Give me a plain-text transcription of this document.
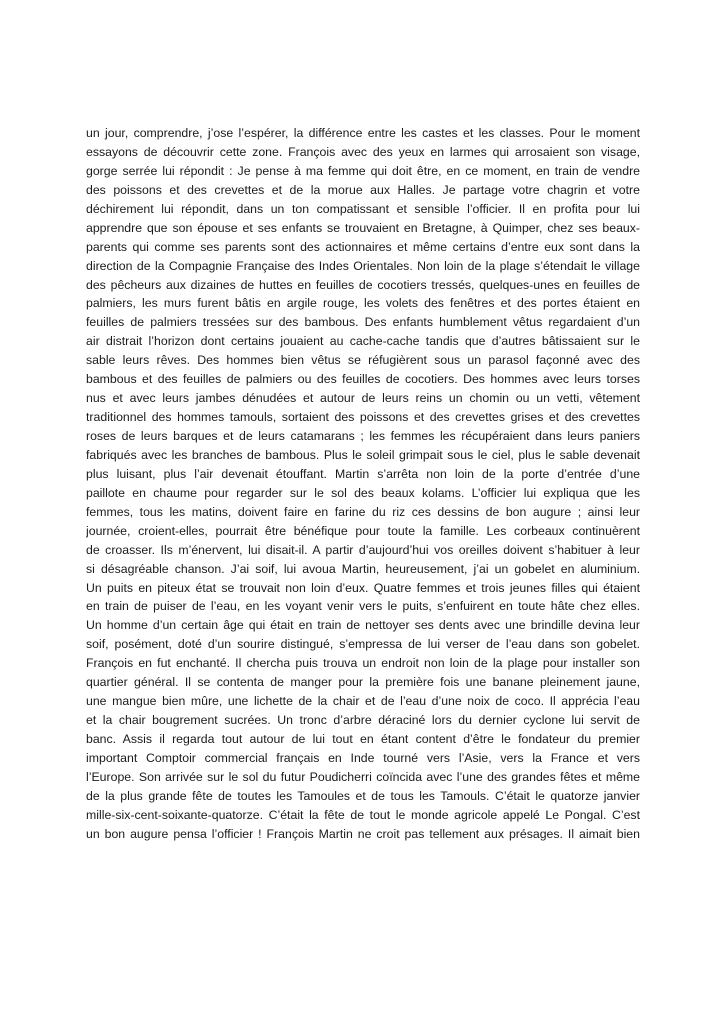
un jour, comprendre, j’ose l’espérer, la différence entre les castes et les classes. Pour le moment
essayons de découvrir cette zone. François avec des yeux en larmes qui arrosaient son visage,
gorge serrée lui répondit : Je pense à ma femme qui doit être, en ce moment, en train de vendre
des poissons et des crevettes et de la morue aux Halles. Je partage votre chagrin et votre
déchirement lui répondit, dans un ton compatissant et sensible l’officier. Il en profita pour lui
apprendre que son épouse et ses enfants se trouvaient en Bretagne, à Quimper, chez ses beaux-
parents qui comme ses parents sont des actionnaires et même certains d’entre eux sont dans la
direction de la Compagnie Française des Indes Orientales. Non loin de la plage s’étendait le village
des pêcheurs aux dizaines de huttes en feuilles de cocotiers tressés, quelques-unes en feuilles de
palmiers, les murs furent bâtis en argile rouge, les volets des fenêtres et des portes étaient en
feuilles de palmiers tressées sur des bambous. Des enfants humblement vêtus regardaient d’un
air distrait l’horizon dont certains jouaient au cache-cache tandis que d’autres bâtissaient sur le
sable leurs rêves. Des hommes bien vêtus se réfugièrent sous un parasol façonné avec des
bambous et des feuilles de palmiers ou des feuilles de cocotiers. Des hommes avec leurs torses
nus et avec leurs jambes dénudées et autour de leurs reins un chomin ou un vetti, vêtement
traditionnel des hommes tamouls, sortaient des poissons et des crevettes grises et des crevettes
roses de leurs barques et de leurs catamarans ; les femmes les récupéraient dans leurs paniers
fabriqués avec les branches de bambous. Plus le soleil grimpait sous le ciel, plus le sable devenait
plus luisant, plus l’air devenait étouffant. Martin s’arrêta non loin de la porte d’entrée d’une
paillote en chaume pour regarder sur le sol des beaux kolams. L’officier lui expliqua que les
femmes, tous les matins, doivent faire en farine du riz ces dessins de bon augure ; ainsi leur
journée, croient-elles, pourrait être bénéfique pour toute la famille. Les corbeaux continuèrent
de croasser. Ils m’énervent, lui disait-il. A partir d’aujourd’hui vos oreilles doivent s’habituer à leur
si désagréable chanson. J’ai soif, lui avoua Martin, heureusement, j’ai un gobelet en aluminium.
Un puits en piteux état se trouvait non loin d’eux. Quatre femmes et trois jeunes filles qui étaient
en train de puiser de l’eau, en les voyant venir vers le puits, s’enfuirent en toute hâte chez elles.
Un homme d’un certain âge qui était en train de nettoyer ses dents avec une brindille devina leur
soif, posément, doté d’un sourire distingué, s’empressa de lui verser de l’eau dans son gobelet.
François en fut enchanté. Il chercha puis trouva un endroit non loin de la plage pour installer son
quartier général. Il se contenta de manger pour la première fois une banane pleinement jaune,
une mangue bien mûre, une lichette de la chair et de l’eau d’une noix de coco. Il apprécia l’eau
et la chair bougrement sucrées. Un tronc d’arbre déraciné lors du dernier cyclone lui servit de
banc. Assis il regarda tout autour de lui tout en étant content d’être le fondateur du premier
important Comptoir commercial français en Inde tourné vers l’Asie, vers la France et vers
l’Europe. Son arrivée sur le sol du futur Poudicherri coïncida avec l’une des grandes fêtes et même
de la plus grande fête de toutes les Tamoules et de tous les Tamouls. C’était le quatorze janvier
mille-six-cent-soixante-quatorze. C’était la fête de tout le monde agricole appelé Le Pongal. C’est
un bon augure pensa l’officier ! François Martin ne croit pas tellement aux présages. Il aimait bien
